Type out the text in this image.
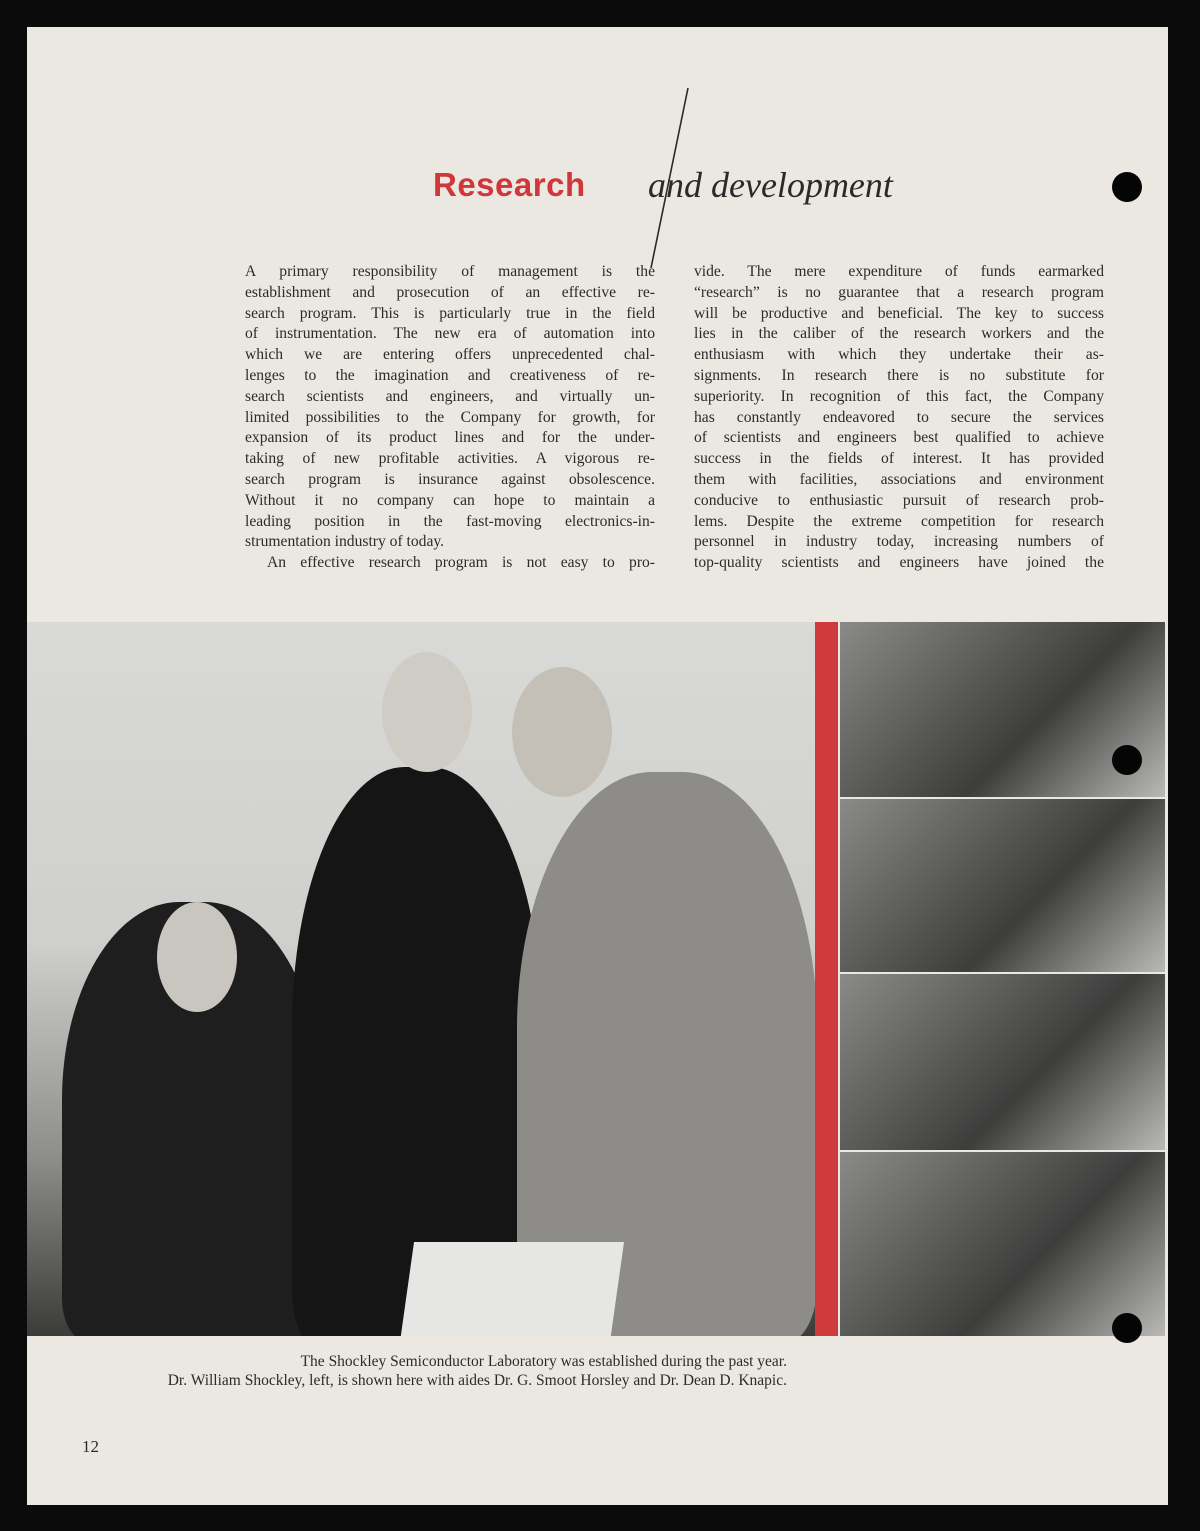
Research and development
A primary responsibility of management is the
establishment and prosecution of an effective re-
search program. This is particularly true in the field
of instrumentation. The new era of automation into
which we are entering offers unprecedented chal-
lenges to the imagination and creativeness of re-
search scientists and engineers, and virtually un-
limited possibilities to the Company for growth, for
expansion of its product lines and for the under-
taking of new profitable activities. A vigorous re-
search program is insurance against obsolescence.
Without it no company can hope to maintain a
leading position in the fast-moving electronics-in-
strumentation industry of today.
An effective research program is not easy to pro-
vide. The mere expenditure of funds earmarked
“research” is no guarantee that a research program
will be productive and beneficial. The key to success
lies in the caliber of the research workers and the
enthusiasm with which they undertake their as-
signments. In research there is no substitute for
superiority. In recognition of this fact, the Company
has constantly endeavored to secure the services
of scientists and engineers best qualified to achieve
success in the fields of interest. It has provided
them with facilities, associations and environment
conducive to enthusiastic pursuit of research prob-
lems. Despite the extreme competition for research
personnel in industry today, increasing numbers of
top-quality scientists and engineers have joined the
The Shockley Semiconductor Laboratory was established during the past year.
Dr. William Shockley, left, is shown here with aides Dr. G. Smoot Horsley and Dr. Dean D. Knapic.
12
